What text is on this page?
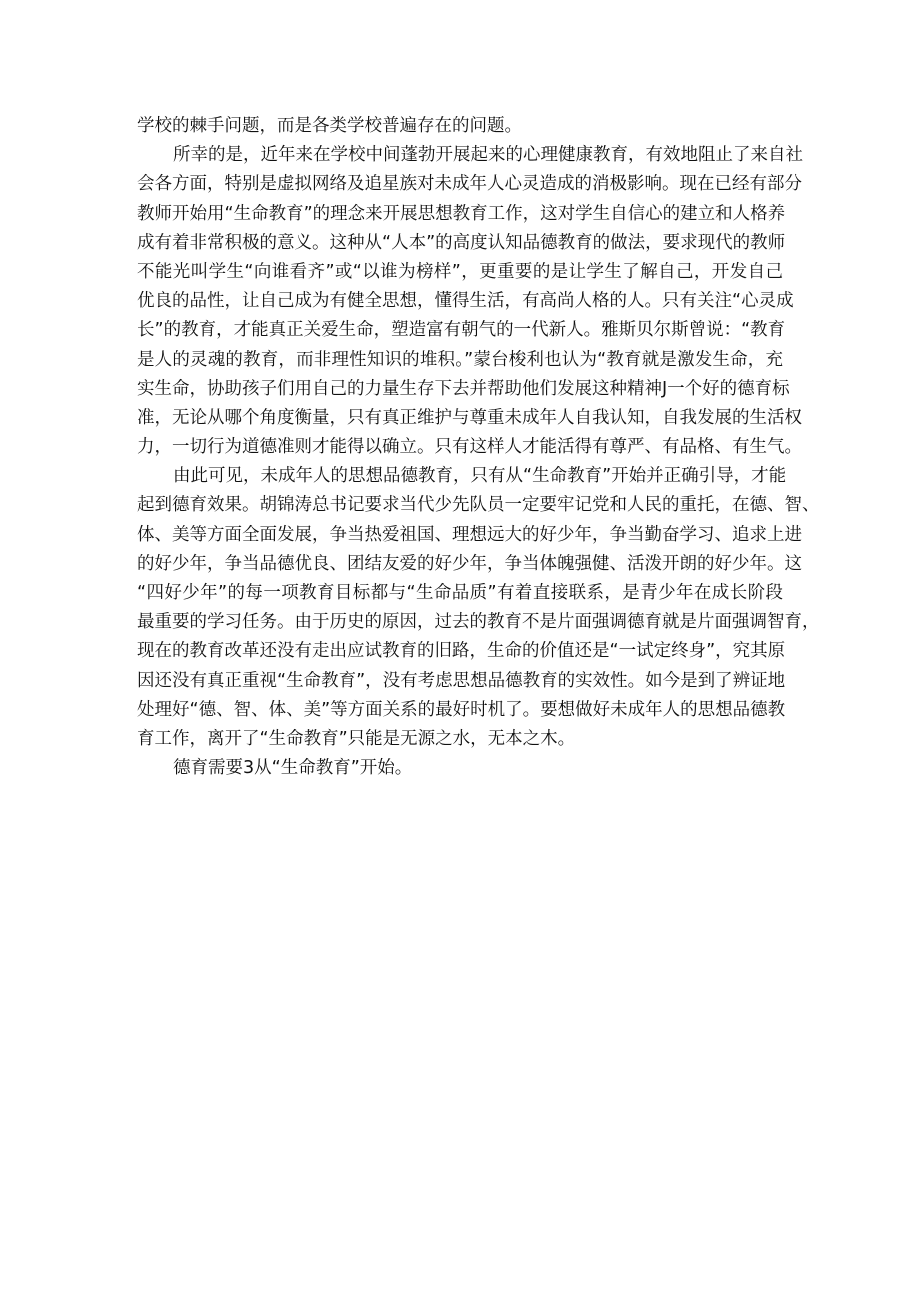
学校的棘手问题，而是各类学校普遍存在的问题。
所幸的是，近年来在学校中间蓬勃开展起来的心理健康教育，有效地阻止了来自社
会各方面，特别是虚拟网络及追星族对未成年人心灵造成的消极影响。现在已经有部分
教师开始用“生命教育”的理念来开展思想教育工作，这对学生自信心的建立和人格养
成有着非常积极的意义。这种从“人本”的高度认知品德教育的做法，要求现代的教师
不能光叫学生“向谁看齐”或“以谁为榜样”，更重要的是让学生了解自己，开发自己
优良的品性，让自己成为有健全思想，懂得生活，有高尚人格的人。只有关注“心灵成
长”的教育，才能真正关爱生命，塑造富有朝气的一代新人。雅斯贝尔斯曾说：“教育
是人的灵魂的教育，而非理性知识的堆积。”蒙台梭利也认为“教育就是激发生命，充
实生命，协助孩子们用自己的力量生存下去并帮助他们发展这种精神J一个好的德育标
准，无论从哪个角度衡量，只有真正维护与尊重未成年人自我认知，自我发展的生活权
力，一切行为道德准则才能得以确立。只有这样人才能活得有尊严、有品格、有生气。
由此可见，未成年人的思想品德教育，只有从“生命教育”开始并正确引导，才能
起到德育效果。胡锦涛总书记要求当代少先队员一定要牢记党和人民的重托，在德、智、
体、美等方面全面发展，争当热爱祖国、理想远大的好少年，争当勤奋学习、追求上进
的好少年，争当品德优良、团结友爱的好少年，争当体魄强健、活泼开朗的好少年。这
“四好少年”的每一项教育目标都与“生命品质”有着直接联系，是青少年在成长阶段
最重要的学习任务。由于历史的原因，过去的教育不是片面强调德育就是片面强调智育，
现在的教育改革还没有走出应试教育的旧路，生命的价值还是“一试定终身”，究其原
因还没有真正重视“生命教育”，没有考虑思想品德教育的实效性。如今是到了辨证地
处理好“德、智、体、美”等方面关系的最好时机了。要想做好未成年人的思想品德教
育工作，离开了“生命教育”只能是无源之水，无本之木。
德育需要3从“生命教育”开始。
